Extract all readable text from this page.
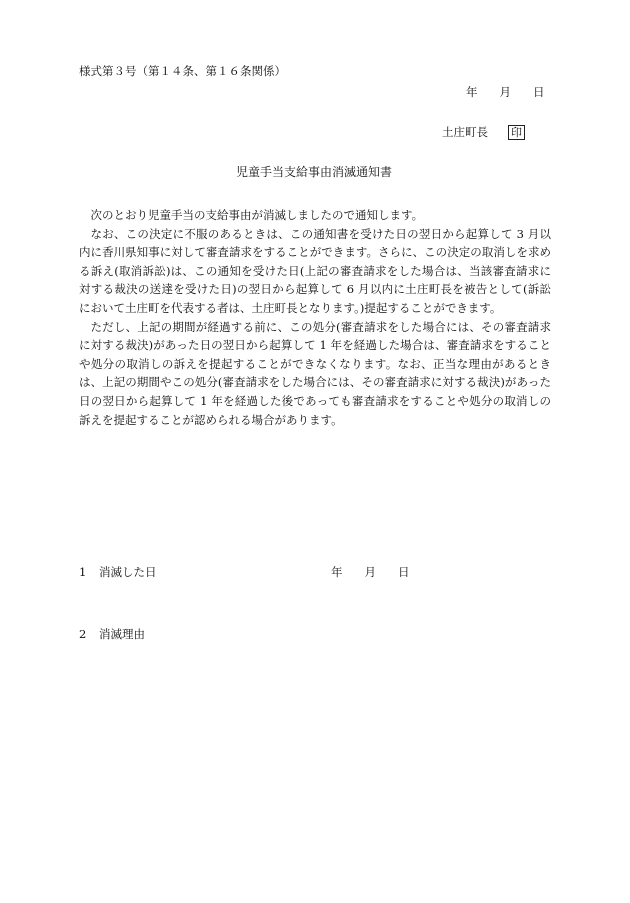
様式第３号（第１４条、第１６条関係）
年 月 日
土庄町長 印
児童手当支給事由消滅通知書

次のとおり児童手当の支給事由が消滅しましたので通知します。

なお、この決定に不服のあるときは、この通知書を受けた日の翌日から起算して 3 月以内に香川県知事に対して審査請求をすることができます。さらに、この決定の取消しを求める訴え(取消訴訟)は、この通知を受けた日(上記の審査請求をした場合は、当該審査請求に対する裁決の送達を受けた日)の翌日から起算して 6 月以内に土庄町長を被告として(訴訟において土庄町を代表する者は、土庄町長となります。)提起することができます。

ただし、上記の期間が経過する前に、この処分(審査請求をした場合には、その審査請求に対する裁決)があった日の翌日から起算して 1 年を経過した場合は、審査請求をすることや処分の取消しの訴えを提起することができなくなります。なお、正当な理由があるときは、上記の期間やこの処分(審査請求をした場合には、その審査請求に対する裁決)があった日の翌日から起算して 1 年を経過した後であっても審査請求をすることや処分の取消しの訴えを提起することが認められる場合があります。

1 消滅した日	年 月 日
2 消滅理由
